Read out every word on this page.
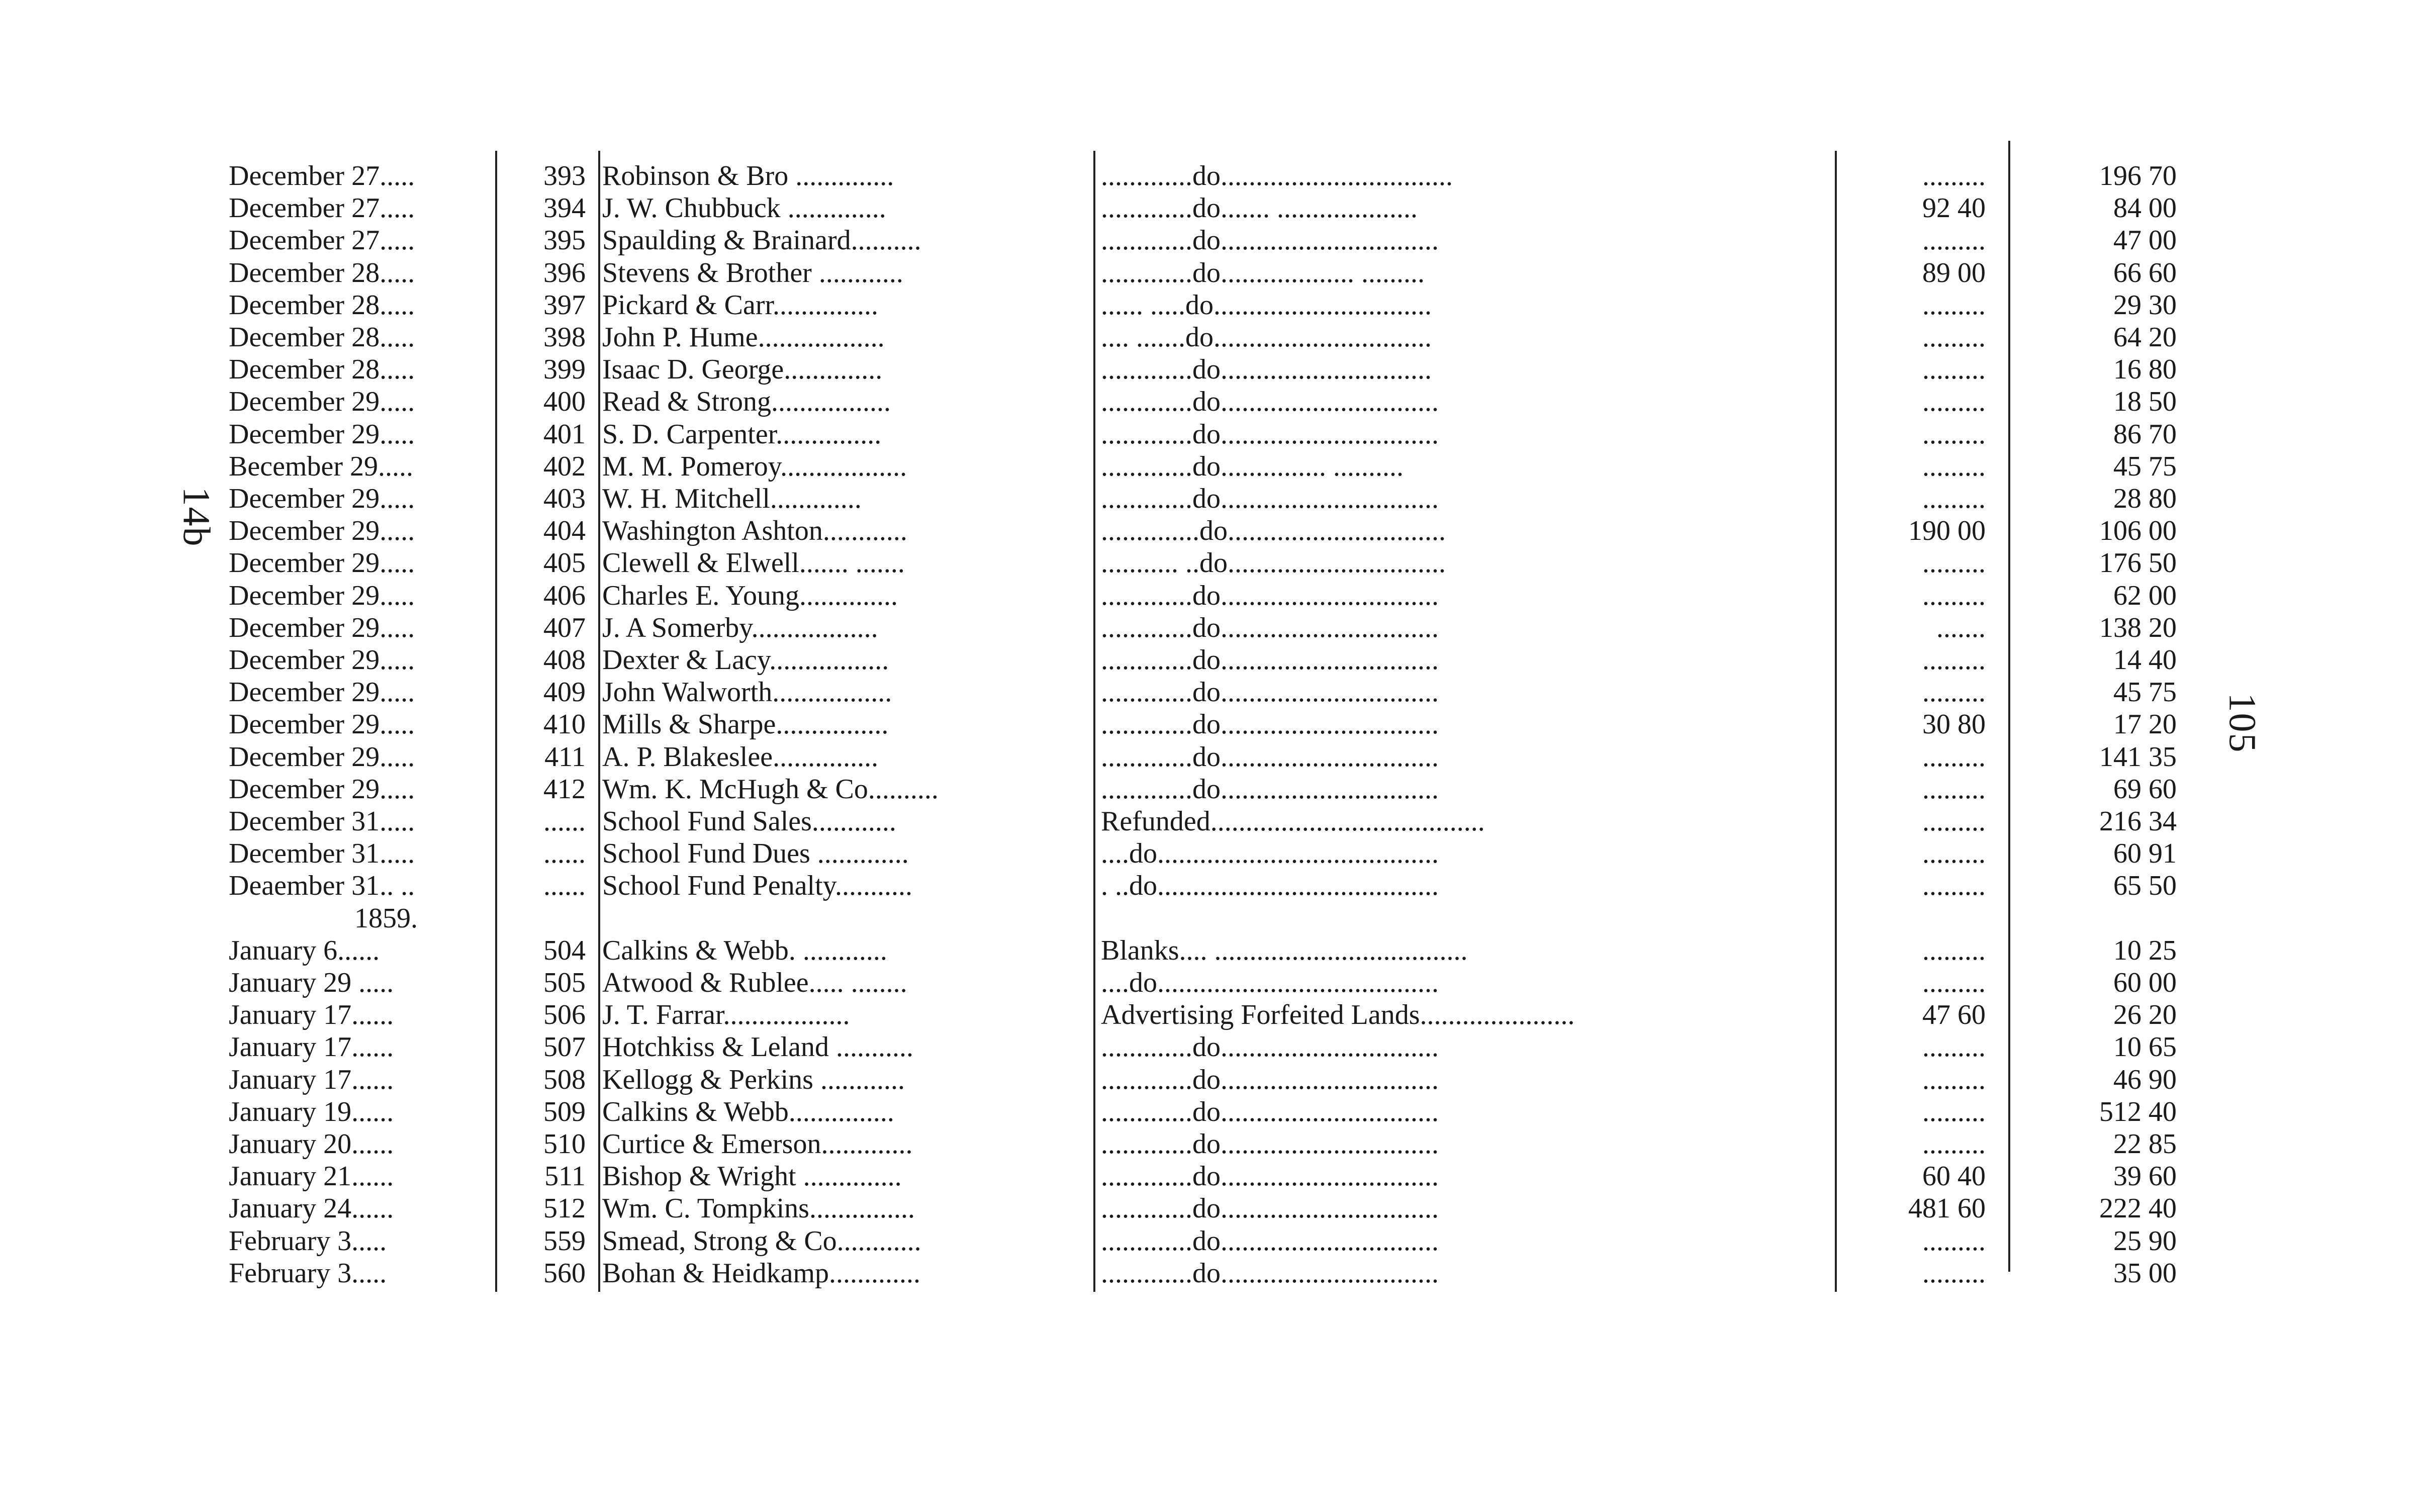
14b
105
December 27.....	393 Robinson & Bro ..............	.............do.................................	.........	196 70
December 27.....	394 J. W. Chubbuck ..............	.............do....... ....................	92 40	84 00
December 27.....	395 Spaulding & Brainard..........	.............do...............................	.........	47 00
December 28.....	396 Stevens & Brother ............	.............do................... .........	89 00	66 60
December 28.....	397 Pickard & Carr...............	...... .....do...............................	.........	29 30
December 28.....	398 John P. Hume..................	.... .......do...............................	.........	64 20
December 28.....	399 Isaac D. George..............	.............do..............................	.........	16 80
December 29.....	400 Read & Strong.................	.............do...............................	.........	18 50
December 29.....	401 S. D. Carpenter...............	.............do...............................	.........	86 70
Becember 29.....	402 M. M. Pomeroy..................	.............do............... ..........	.........	45 75
December 29.....	403 W. H. Mitchell.............	.............do...............................	.........	28 80
December 29.....	404 Washington Ashton............	..............do...............................	190 00	106 00
December 29.....	405 Clewell & Elwell....... .......	........... ..do...............................	.........	176 50
December 29.....	406 Charles E. Young..............	.............do...............................	.........	62 00
December 29.....	407 J. A Somerby..................	.............do...............................	.......	138 20
December 29.....	408 Dexter & Lacy.................	.............do...............................	.........	14 40
December 29.....	409 John Walworth.................	.............do...............................	.........	45 75
December 29.....	410 Mills & Sharpe................	.............do...............................	30 80	17 20
December 29.....	411 A. P. Blakeslee...............	.............do...............................	.........	141 35
December 29.....	412 Wm. K. McHugh & Co..........	.............do...............................	.........	69 60
December 31.....	...... School Fund Sales............	Refunded.......................................	.........	216 34
December 31.....	...... School Fund Dues .............	....do........................................	.........	60 91
Deaember 31.. ..	...... School Fund Penalty...........	. ..do........................................	.........	65 50
1859.
January 6......	504 Calkins & Webb. ............	Blanks.... ....................................	.........	10 25
January 29 .....	505 Atwood & Rublee..... ........	....do........................................	.........	60 00
January 17......	506 J. T. Farrar..................	Advertising Forfeited Lands......................	47 60	26 20
January 17......	507 Hotchkiss & Leland ...........	.............do...............................	.........	10 65
January 17......	508 Kellogg & Perkins ............	.............do...............................	.........	46 90
January 19......	509 Calkins & Webb...............	.............do...............................	.........	512 40
January 20......	510 Curtice & Emerson.............	.............do...............................	.........	22 85
January 21......	511 Bishop & Wright ..............	.............do...............................	60 40	39 60
January 24......	512 Wm. C. Tompkins...............	.............do...............................	481 60	222 40
February 3.....	559 Smead, Strong & Co............	.............do...............................	.........	25 90
February 3.....	560 Bohan & Heidkamp.............	.............do...............................	.........	35 00
